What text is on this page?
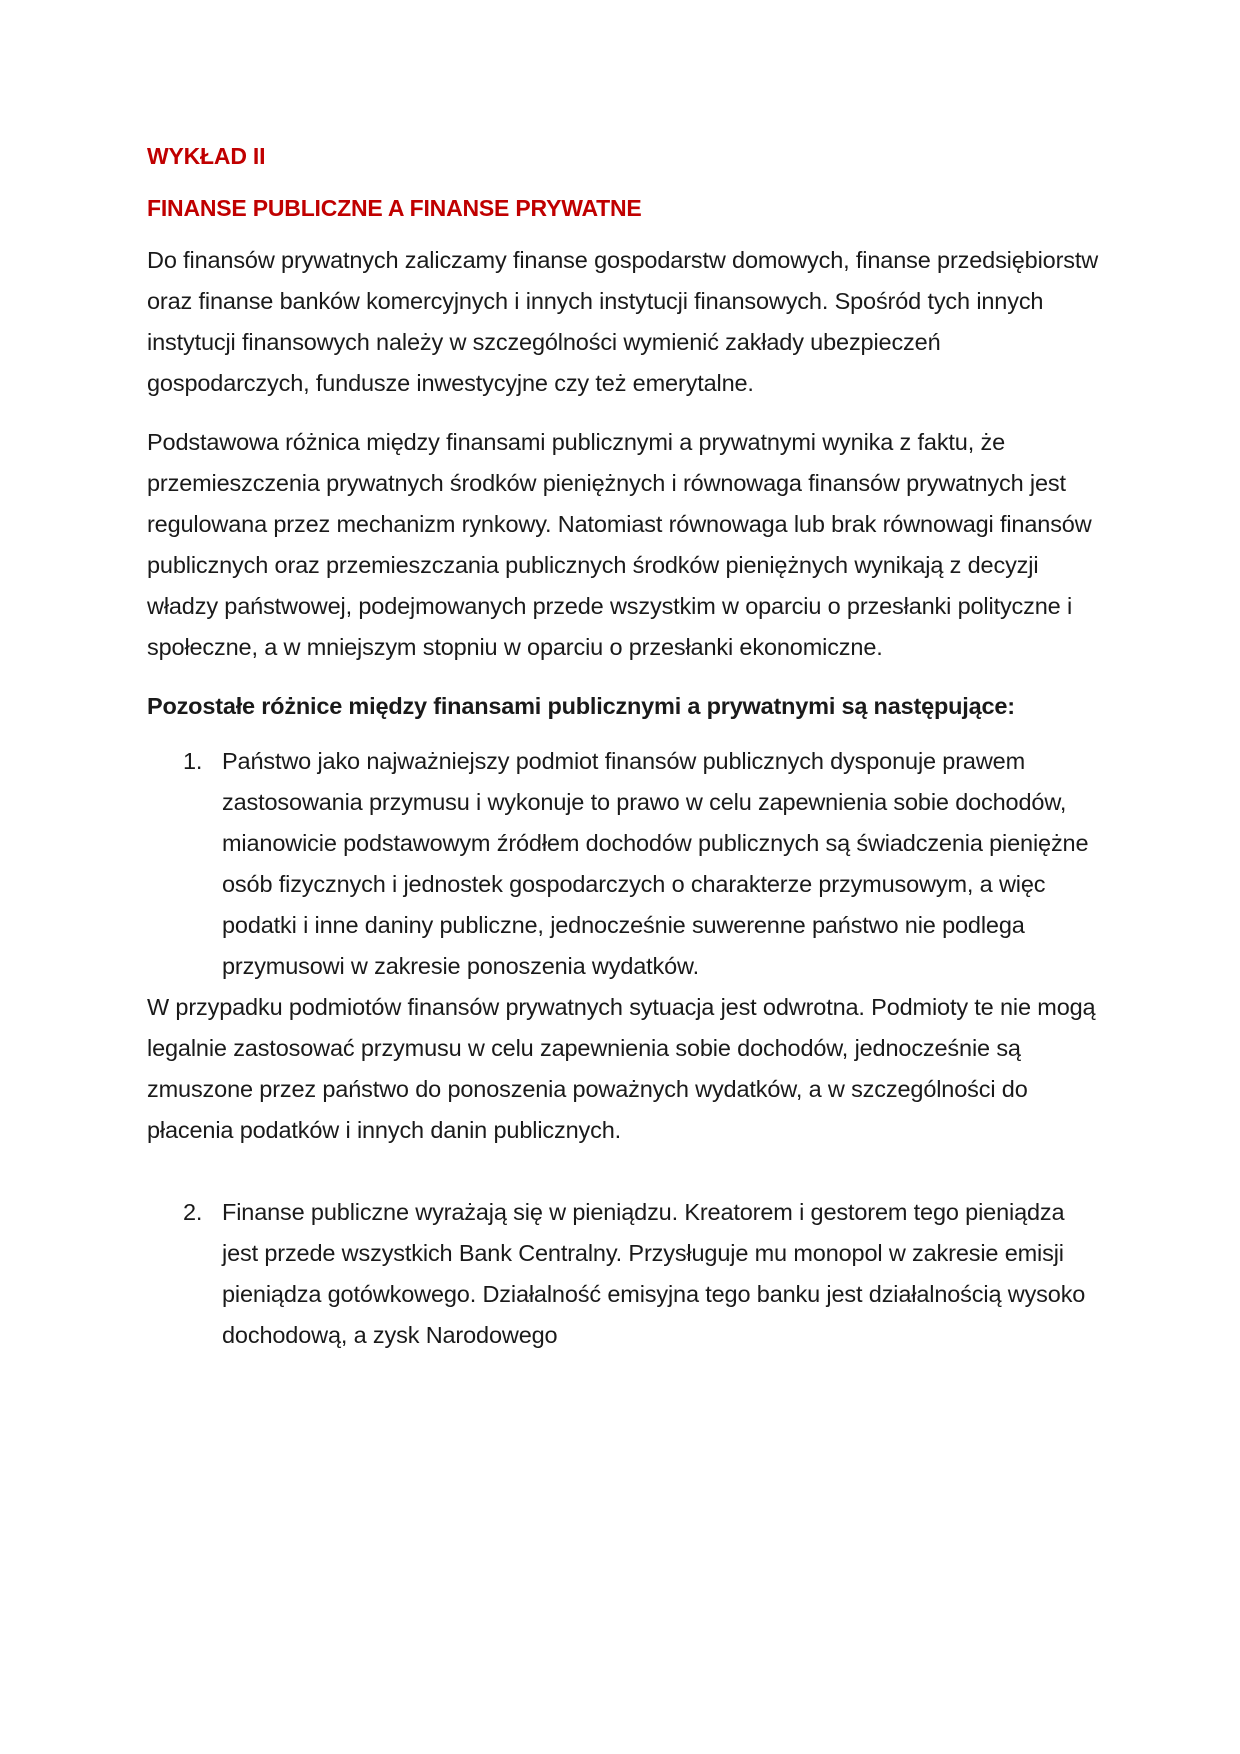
WYKŁAD II
FINANSE PUBLICZNE A FINANSE PRYWATNE

Do finansów prywatnych zaliczamy finanse gospodarstw domowych, finanse przedsiębiorstw oraz finanse banków komercyjnych i innych instytucji finansowych. Spośród tych innych instytucji finansowych należy w szczególności wymienić zakłady ubezpieczeń gospodarczych, fundusze inwestycyjne czy też emerytalne.

Podstawowa różnica między finansami publicznymi a prywatnymi wynika z faktu, że przemieszczenia prywatnych środków pieniężnych i równowaga finansów prywatnych jest regulowana przez mechanizm rynkowy. Natomiast równowaga lub brak równowagi finansów publicznych oraz przemieszczania publicznych środków pieniężnych wynikają z decyzji władzy państwowej, podejmowanych przede wszystkim w oparciu o przesłanki polityczne i społeczne, a w mniejszym stopniu w oparciu o przesłanki ekonomiczne.

Pozostałe różnice między finansami publicznymi a prywatnymi są następujące:

1. Państwo jako najważniejszy podmiot finansów publicznych dysponuje prawem zastosowania przymusu i wykonuje to prawo w celu zapewnienia sobie dochodów, mianowicie podstawowym źródłem dochodów publicznych są świadczenia pieniężne osób fizycznych i jednostek gospodarczych o charakterze przymusowym, a więc podatki i inne daniny publiczne, jednocześnie suwerenne państwo nie podlega przymusowi w zakresie ponoszenia wydatków.

W przypadku podmiotów finansów prywatnych sytuacja jest odwrotna. Podmioty te nie mogą legalnie zastosować przymusu w celu zapewnienia sobie dochodów, jednocześnie są zmuszone przez państwo do ponoszenia poważnych wydatków, a w szczególności do płacenia podatków i innych danin publicznych.

2. Finanse publiczne wyrażają się w pieniądzu. Kreatorem i gestorem tego pieniądza jest przede wszystkich Bank Centralny. Przysługuje mu monopol w zakresie emisji pieniądza gotówkowego. Działalność emisyjna tego banku jest działalnością wysoko dochodową, a zysk Narodowego
